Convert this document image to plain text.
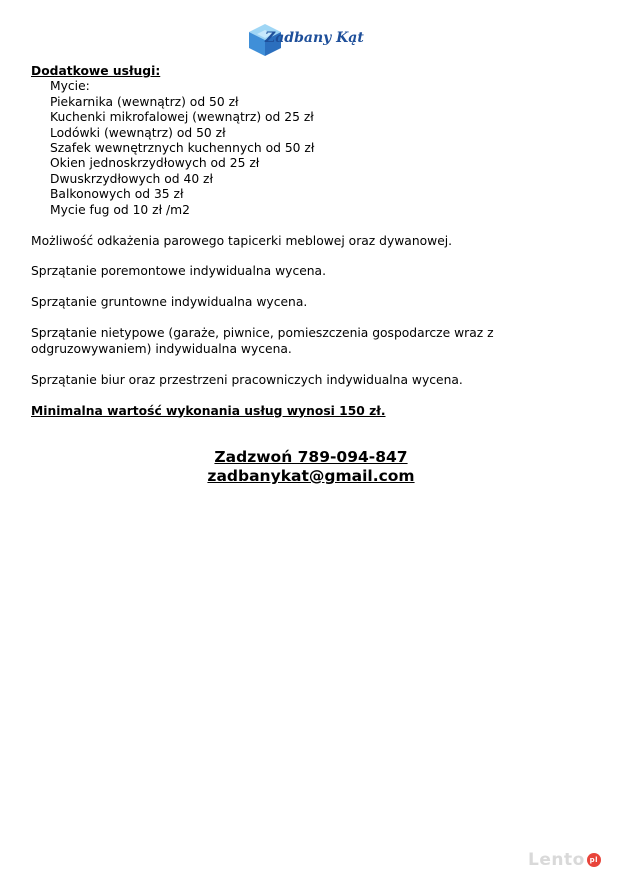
Zadbany Kąt
Dodatkowe usługi:
Mycie:
Piekarnika (wewnątrz) od 50 zł
Kuchenki mikrofalowej (wewnątrz) od 25 zł
Lodówki (wewnątrz) od 50 zł
Szafek wewnętrznych kuchennych od 50 zł
Okien jednoskrzydłowych od 25 zł
Dwuskrzydłowych od 40 zł
Balkonowych od 35 zł
Mycie fug od 10 zł /m2
Możliwość odkażenia parowego tapicerki meblowej oraz dywanowej.
Sprzątanie poremontowe indywidualna wycena.
Sprzątanie gruntowne indywidualna wycena.
Sprzątanie nietypowe (garaże, piwnice, pomieszczenia gospodarcze wraz z odgruzowywaniem) indywidualna wycena.
Sprzątanie biur oraz przestrzeni pracowniczych indywidualna wycena.
Minimalna wartość wykonania usług wynosi 150 zł.
Zadzwoń 789-094-847
zadbanykat@gmail.com
Lento pl
